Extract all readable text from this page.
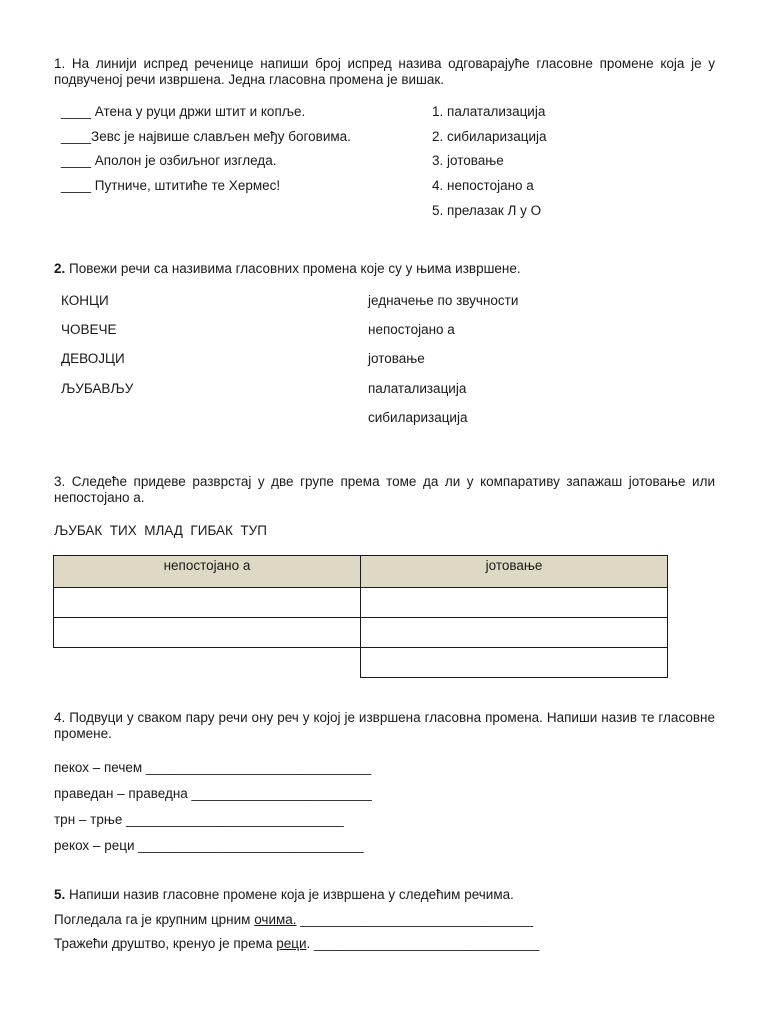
1. На линији испред реченице напиши број испред назива одговарајуће гласовне промене која је у подвученој речи извршена. Једна гласовна промена је вишак.
____ Атена у руци држи штит и копље.
____Зевс је највише слављен међу боговима.
____ Аполон је озбиљног изгледа.
____ Путниче, штитиће те Хермес!
1. палатализација
2. сибиларизација
3. јотовање
4. непостојано а
5. прелазак Л у О
2. Повежи речи са називима гласовних промена које су у њима извршене.
КОНЦИ
ЧОВЕЧЕ
ДЕВОЈЦИ
ЉУБАВЉУ
једначење по звучности
непостојано а
јотовање
палатализација
сибиларизација
3. Следеће придеве разврстај у две групе према томе да ли у компаративу запажаш јотовање или непостојано а.
ЉУБАК  ТИХ  МЛАД  ГИБАК  ТУП
непостојано а	јотовање

4. Подвуци у сваком пару речи ону реч у којој је извршена гласовна промена. Напиши назив те гласовне промене.
пекох – печем ______________________________
праведан – праведна ________________________
трн – трње _____________________________
рекох – реци ______________________________
5. Напиши назив гласовне промене која је извршена у следећим речима.
Погледала га је крупним црним очима. _______________________________
Тражећи друштво, кренуо је према реци. ______________________________
